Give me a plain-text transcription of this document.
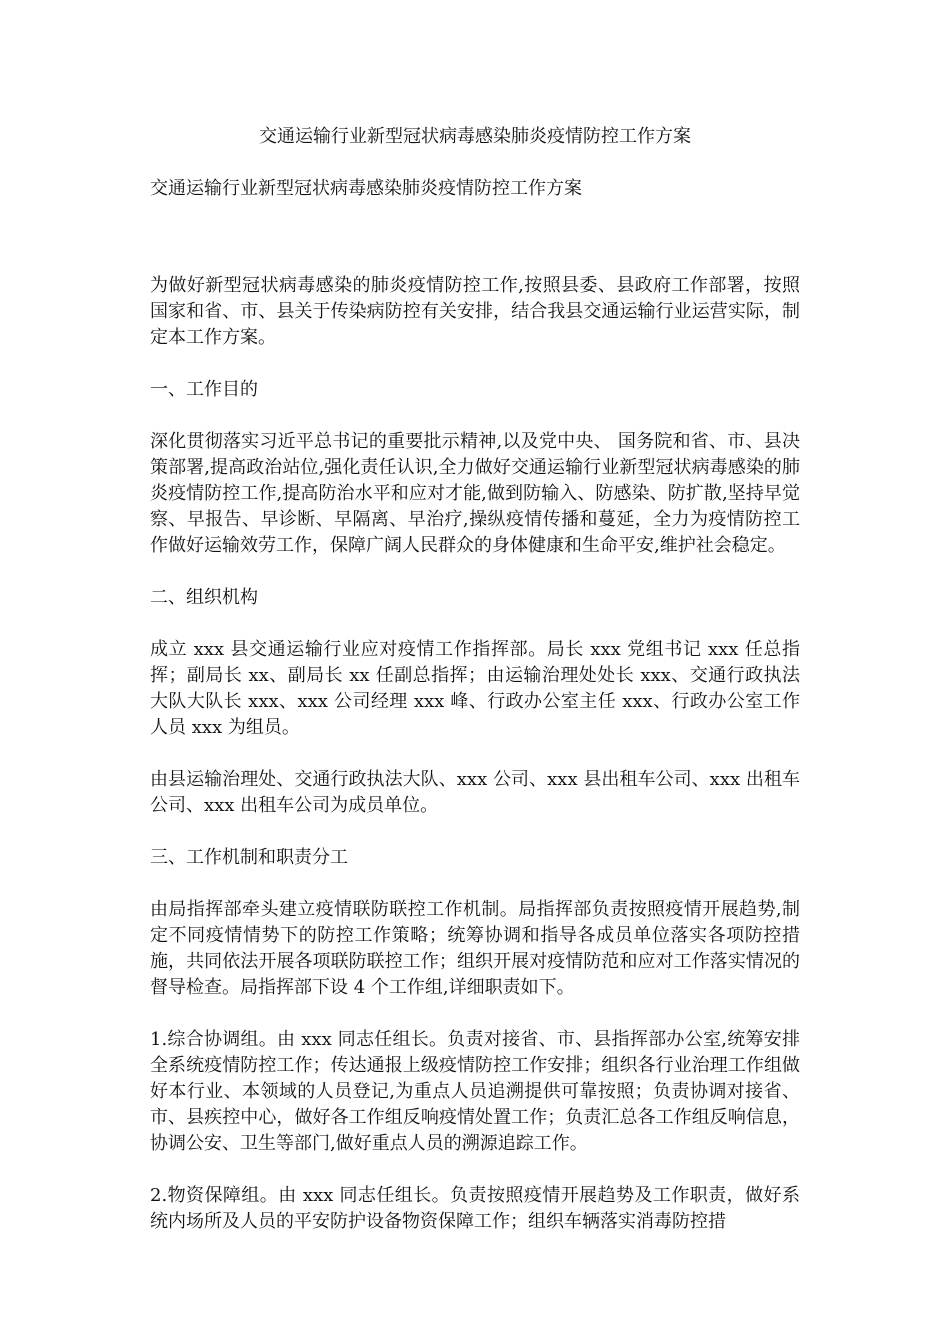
交通运输行业新型冠状病毒感染肺炎疫情防控工作方案
交通运输行业新型冠状病毒感染肺炎疫情防控工作方案

为做好新型冠状病毒感染的肺炎疫情防控工作,按照县委、县政府工作部署，按照国家和省、市、县关于传染病防控有关安排，结合我县交通运输行业运营实际，制定本工作方案。

一、工作目的

深化贯彻落实习近平总书记的重要批示精神,以及党中央、 国务院和省、市、县决策部署,提高政治站位,强化责任认识,全力做好交通运输行业新型冠状病毒感染的肺炎疫情防控工作,提高防治水平和应对才能,做到防输入、防感染、防扩散,坚持早觉察、早报告、早诊断、早隔离、早治疗,操纵疫情传播和蔓延，全力为疫情防控工作做好运输效劳工作，保障广阔人民群众的身体健康和生命平安,维护社会稳定。

二、组织机构

成立 xxx 县交通运输行业应对疫情工作指挥部。局长 xxx 党组书记 xxx 任总指挥；副局长 xx、副局长 xx 任副总指挥；由运输治理处处长 xxx、交通行政执法大队大队长 xxx、xxx 公司经理 xxx 峰、行政办公室主任 xxx、行政办公室工作人员 xxx 为组员。

由县运输治理处、交通行政执法大队、xxx 公司、xxx 县出租车公司、xxx 出租车公司、xxx 出租车公司为成员单位。

三、工作机制和职责分工

由局指挥部牵头建立疫情联防联控工作机制。局指挥部负责按照疫情开展趋势,制定不同疫情情势下的防控工作策略；统筹协调和指导各成员单位落实各项防控措施，共同依法开展各项联防联控工作；组织开展对疫情防范和应对工作落实情况的督导检查。局指挥部下设 4 个工作组,详细职责如下。

1.综合协调组。由 xxx 同志任组长。负责对接省、市、县指挥部办公室,统筹安排全系统疫情防控工作；传达通报上级疫情防控工作安排；组织各行业治理工作组做好本行业、本领域的人员登记,为重点人员追溯提供可靠按照；负责协调对接省、市、县疾控中心，做好各工作组反响疫情处置工作；负责汇总各工作组反响信息，协调公安、卫生等部门,做好重点人员的溯源追踪工作。

2.物资保障组。由 xxx 同志任组长。负责按照疫情开展趋势及工作职责，做好系统内场所及人员的平安防护设备物资保障工作；组织车辆落实消毒防控措
